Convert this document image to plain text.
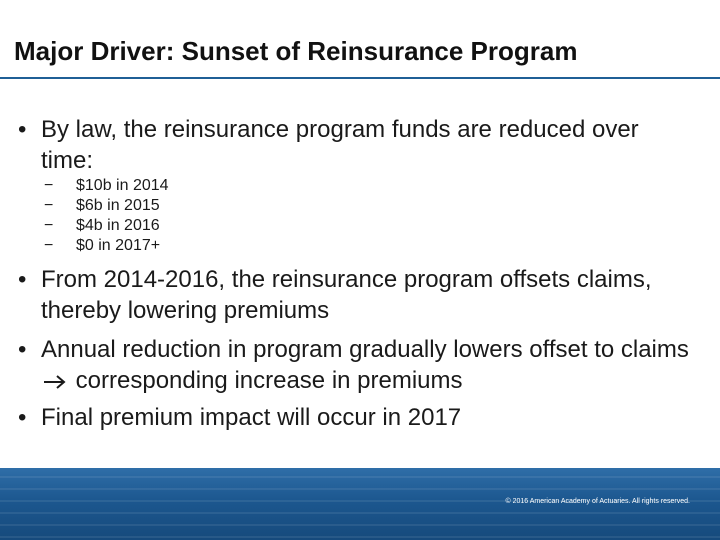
Major Driver: Sunset of Reinsurance Program
• By law, the reinsurance program funds are reduced over time:
− $10b in 2014
− $6b in 2015
− $4b in 2016
− $0 in 2017+
• From 2014-2016, the reinsurance program offsets claims, thereby lowering premiums
• Annual reduction in program gradually lowers offset to claims  corresponding increase in premiums
• Final premium impact will occur in 2017
© 2016 American Academy of Actuaries. All rights reserved.
